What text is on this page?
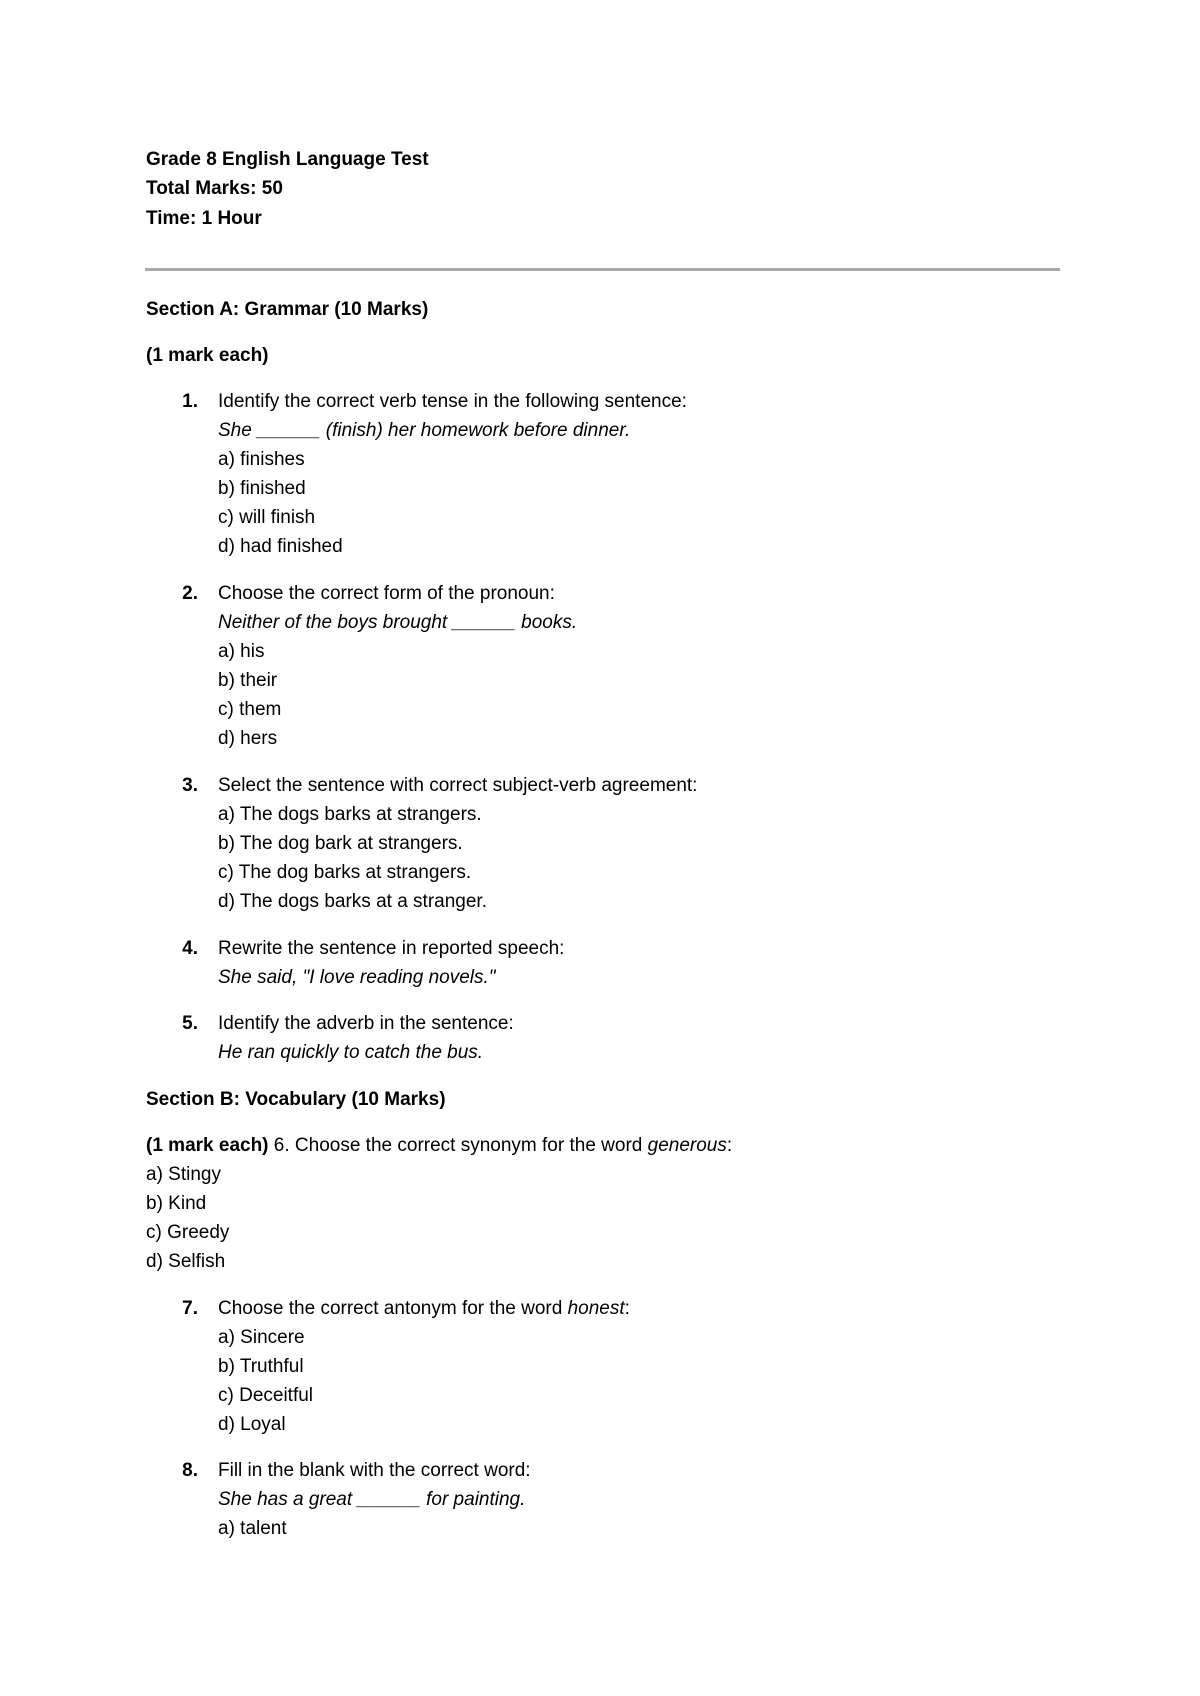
Grade 8 English Language Test
Total Marks: 50
Time: 1 Hour
Section A: Grammar (10 Marks)
(1 mark each)
1. Identify the correct verb tense in the following sentence:
She ______ (finish) her homework before dinner.
a) finishes
b) finished
c) will finish
d) had finished
2. Choose the correct form of the pronoun:
Neither of the boys brought ______ books.
a) his
b) their
c) them
d) hers
3. Select the sentence with correct subject-verb agreement:
a) The dogs barks at strangers.
b) The dog bark at strangers.
c) The dog barks at strangers.
d) The dogs barks at a stranger.
4. Rewrite the sentence in reported speech:
She said, "I love reading novels."
5. Identify the adverb in the sentence:
He ran quickly to catch the bus.
Section B: Vocabulary (10 Marks)
(1 mark each) 6. Choose the correct synonym for the word generous:
a) Stingy
b) Kind
c) Greedy
d) Selfish
7. Choose the correct antonym for the word honest:
a) Sincere
b) Truthful
c) Deceitful
d) Loyal
8. Fill in the blank with the correct word:
She has a great ______ for painting.
a) talent
